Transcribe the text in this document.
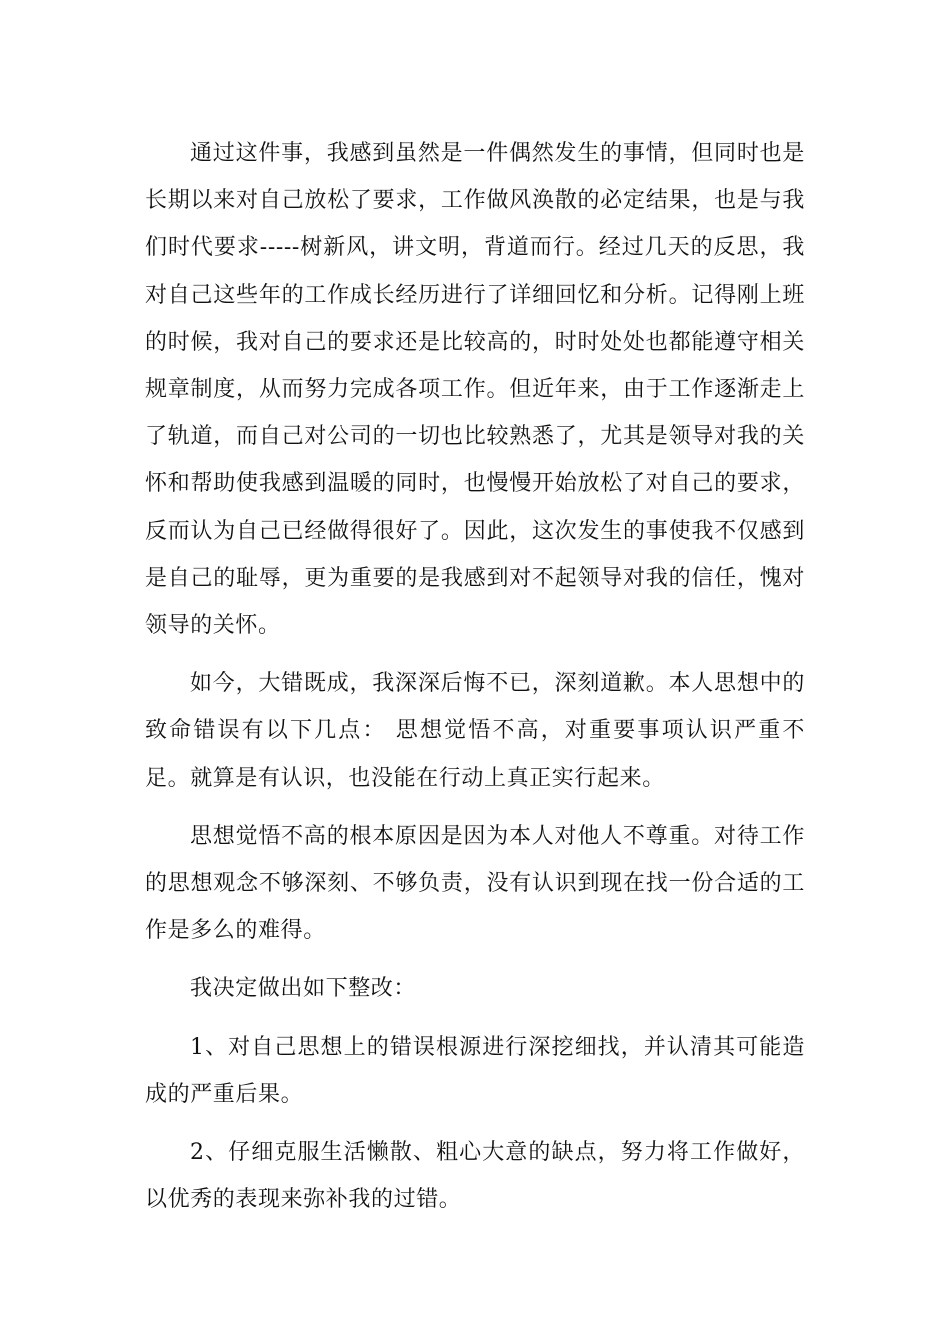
通过这件事，我感到虽然是一件偶然发生的事情，但同时也是长期以来对自己放松了要求，工作做风涣散的必定结果，也是与我们时代要求-----树新风，讲文明，背道而行。经过几天的反思，我对自己这些年的工作成长经历进行了详细回忆和分析。记得刚上班的时候，我对自己的要求还是比较高的，时时处处也都能遵守相关规章制度，从而努力完成各项工作。但近年来，由于工作逐渐走上了轨道，而自己对公司的一切也比较熟悉了，尤其是领导对我的关怀和帮助使我感到温暖的同时，也慢慢开始放松了对自己的要求，反而认为自己已经做得很好了。因此，这次发生的事使我不仅感到是自己的耻辱，更为重要的是我感到对不起领导对我的信任，愧对领导的关怀。

如今，大错既成，我深深后悔不已，深刻道歉。本人思想中的致命错误有以下几点： 思想觉悟不高，对重要事项认识严重不足。就算是有认识，也没能在行动上真正实行起来。

思想觉悟不高的根本原因是因为本人对他人不尊重。对待工作的思想观念不够深刻、不够负责，没有认识到现在找一份合适的工作是多么的难得。

我决定做出如下整改：

1、对自己思想上的错误根源进行深挖细找，并认清其可能造成的严重后果。

2、仔细克服生活懒散、粗心大意的缺点，努力将工作做好，以优秀的表现来弥补我的过错。
